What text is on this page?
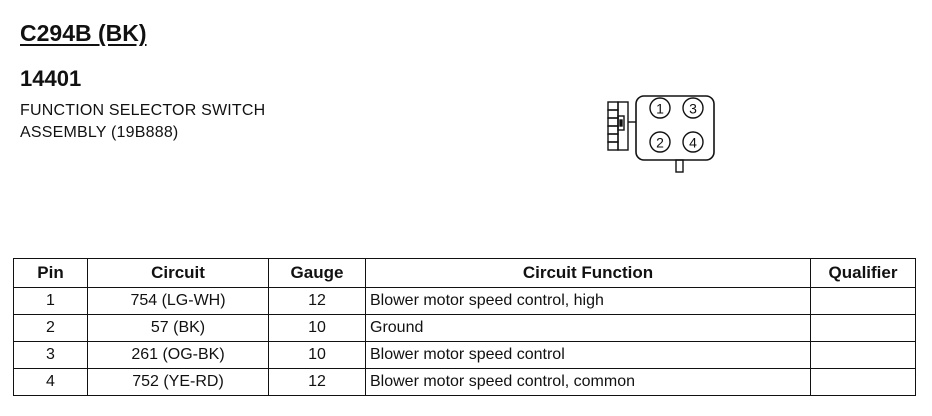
C294B (BK)
14401
FUNCTION SELECTOR SWITCH
ASSEMBLY (19B888)
1 3
2 4
Pin	Circuit	Gauge	Circuit Function	Qualifier
1	754 (LG-WH)	12	Blower motor speed control, high	
2	57 (BK)	10	Ground	
3	261 (OG-BK)	10	Blower motor speed control	
4	752 (YE-RD)	12	Blower motor speed control, common	
